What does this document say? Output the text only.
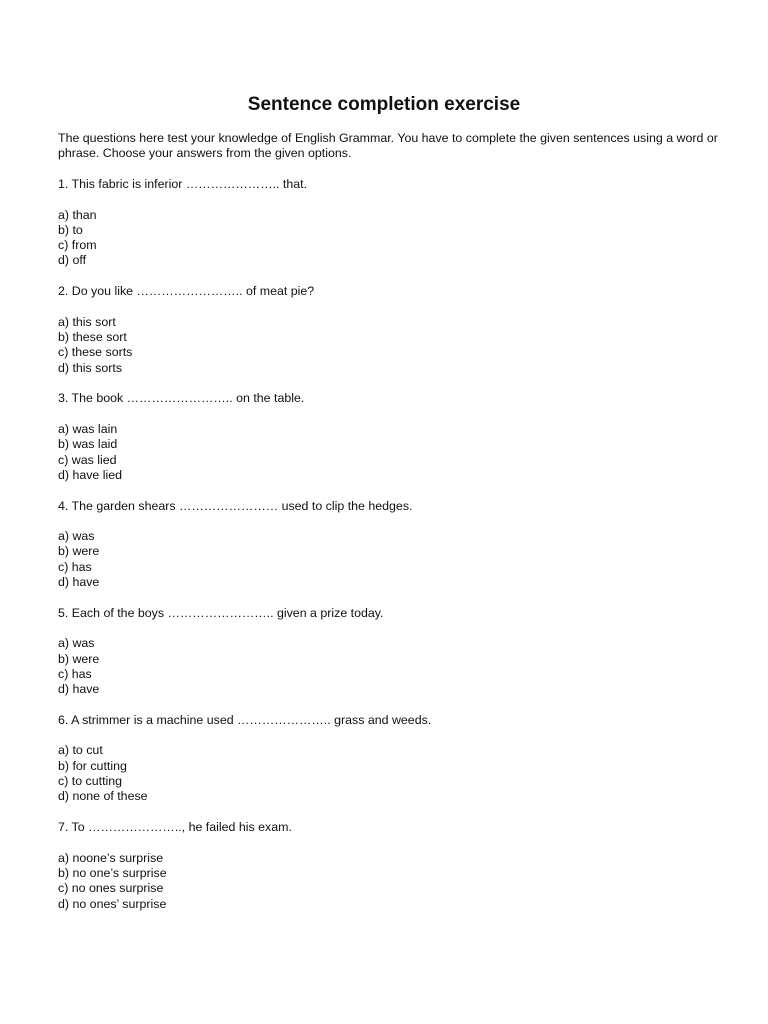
Sentence completion exercise

The questions here test your knowledge of English Grammar. You have to complete the given sentences using a word or phrase. Choose your answers from the given options.

1. This fabric is inferior ………………….. that.

a) than

b) to

c) from

d) off

2. Do you like …………………….. of meat pie?

a) this sort

b) these sort

c) these sorts

d) this sorts

3. The book …………………….. on the table.

a) was lain

b) was laid

c) was lied

d) have lied

4. The garden shears …………………… used to clip the hedges.

a) was

b) were

c) has

d) have

5. Each of the boys …………………….. given a prize today.

a) was

b) were

c) has

d) have

6. A strimmer is a machine used ………………….. grass and weeds.

a) to cut

b) for cutting

c) to cutting

d) none of these

7. To ………………….., he failed his exam.

a) noone’s surprise

b) no one’s surprise

c) no ones surprise

d) no ones’ surprise
